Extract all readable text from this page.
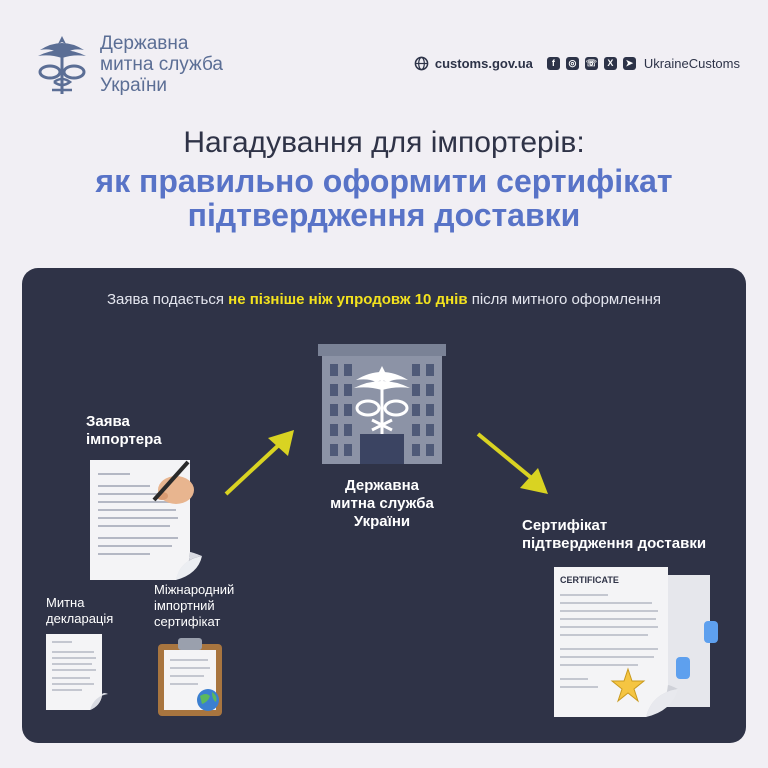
Державна
митна служба
України
customs.gov.ua	f	◎ ☏	X	➤ UkraineCustoms
Нагадування для імпортерів:
як правильно оформити сертифікат
підтвердження доставки
Заява подається не пізніше ніж упродовж 10 днів після митного оформлення
Заява
імпортера
Державна
митна служба
України	Сертифікат
підтвердження доставки
Митна
декларація
Міжнародний
імпортний
сертифікат
CERTIFICATE
